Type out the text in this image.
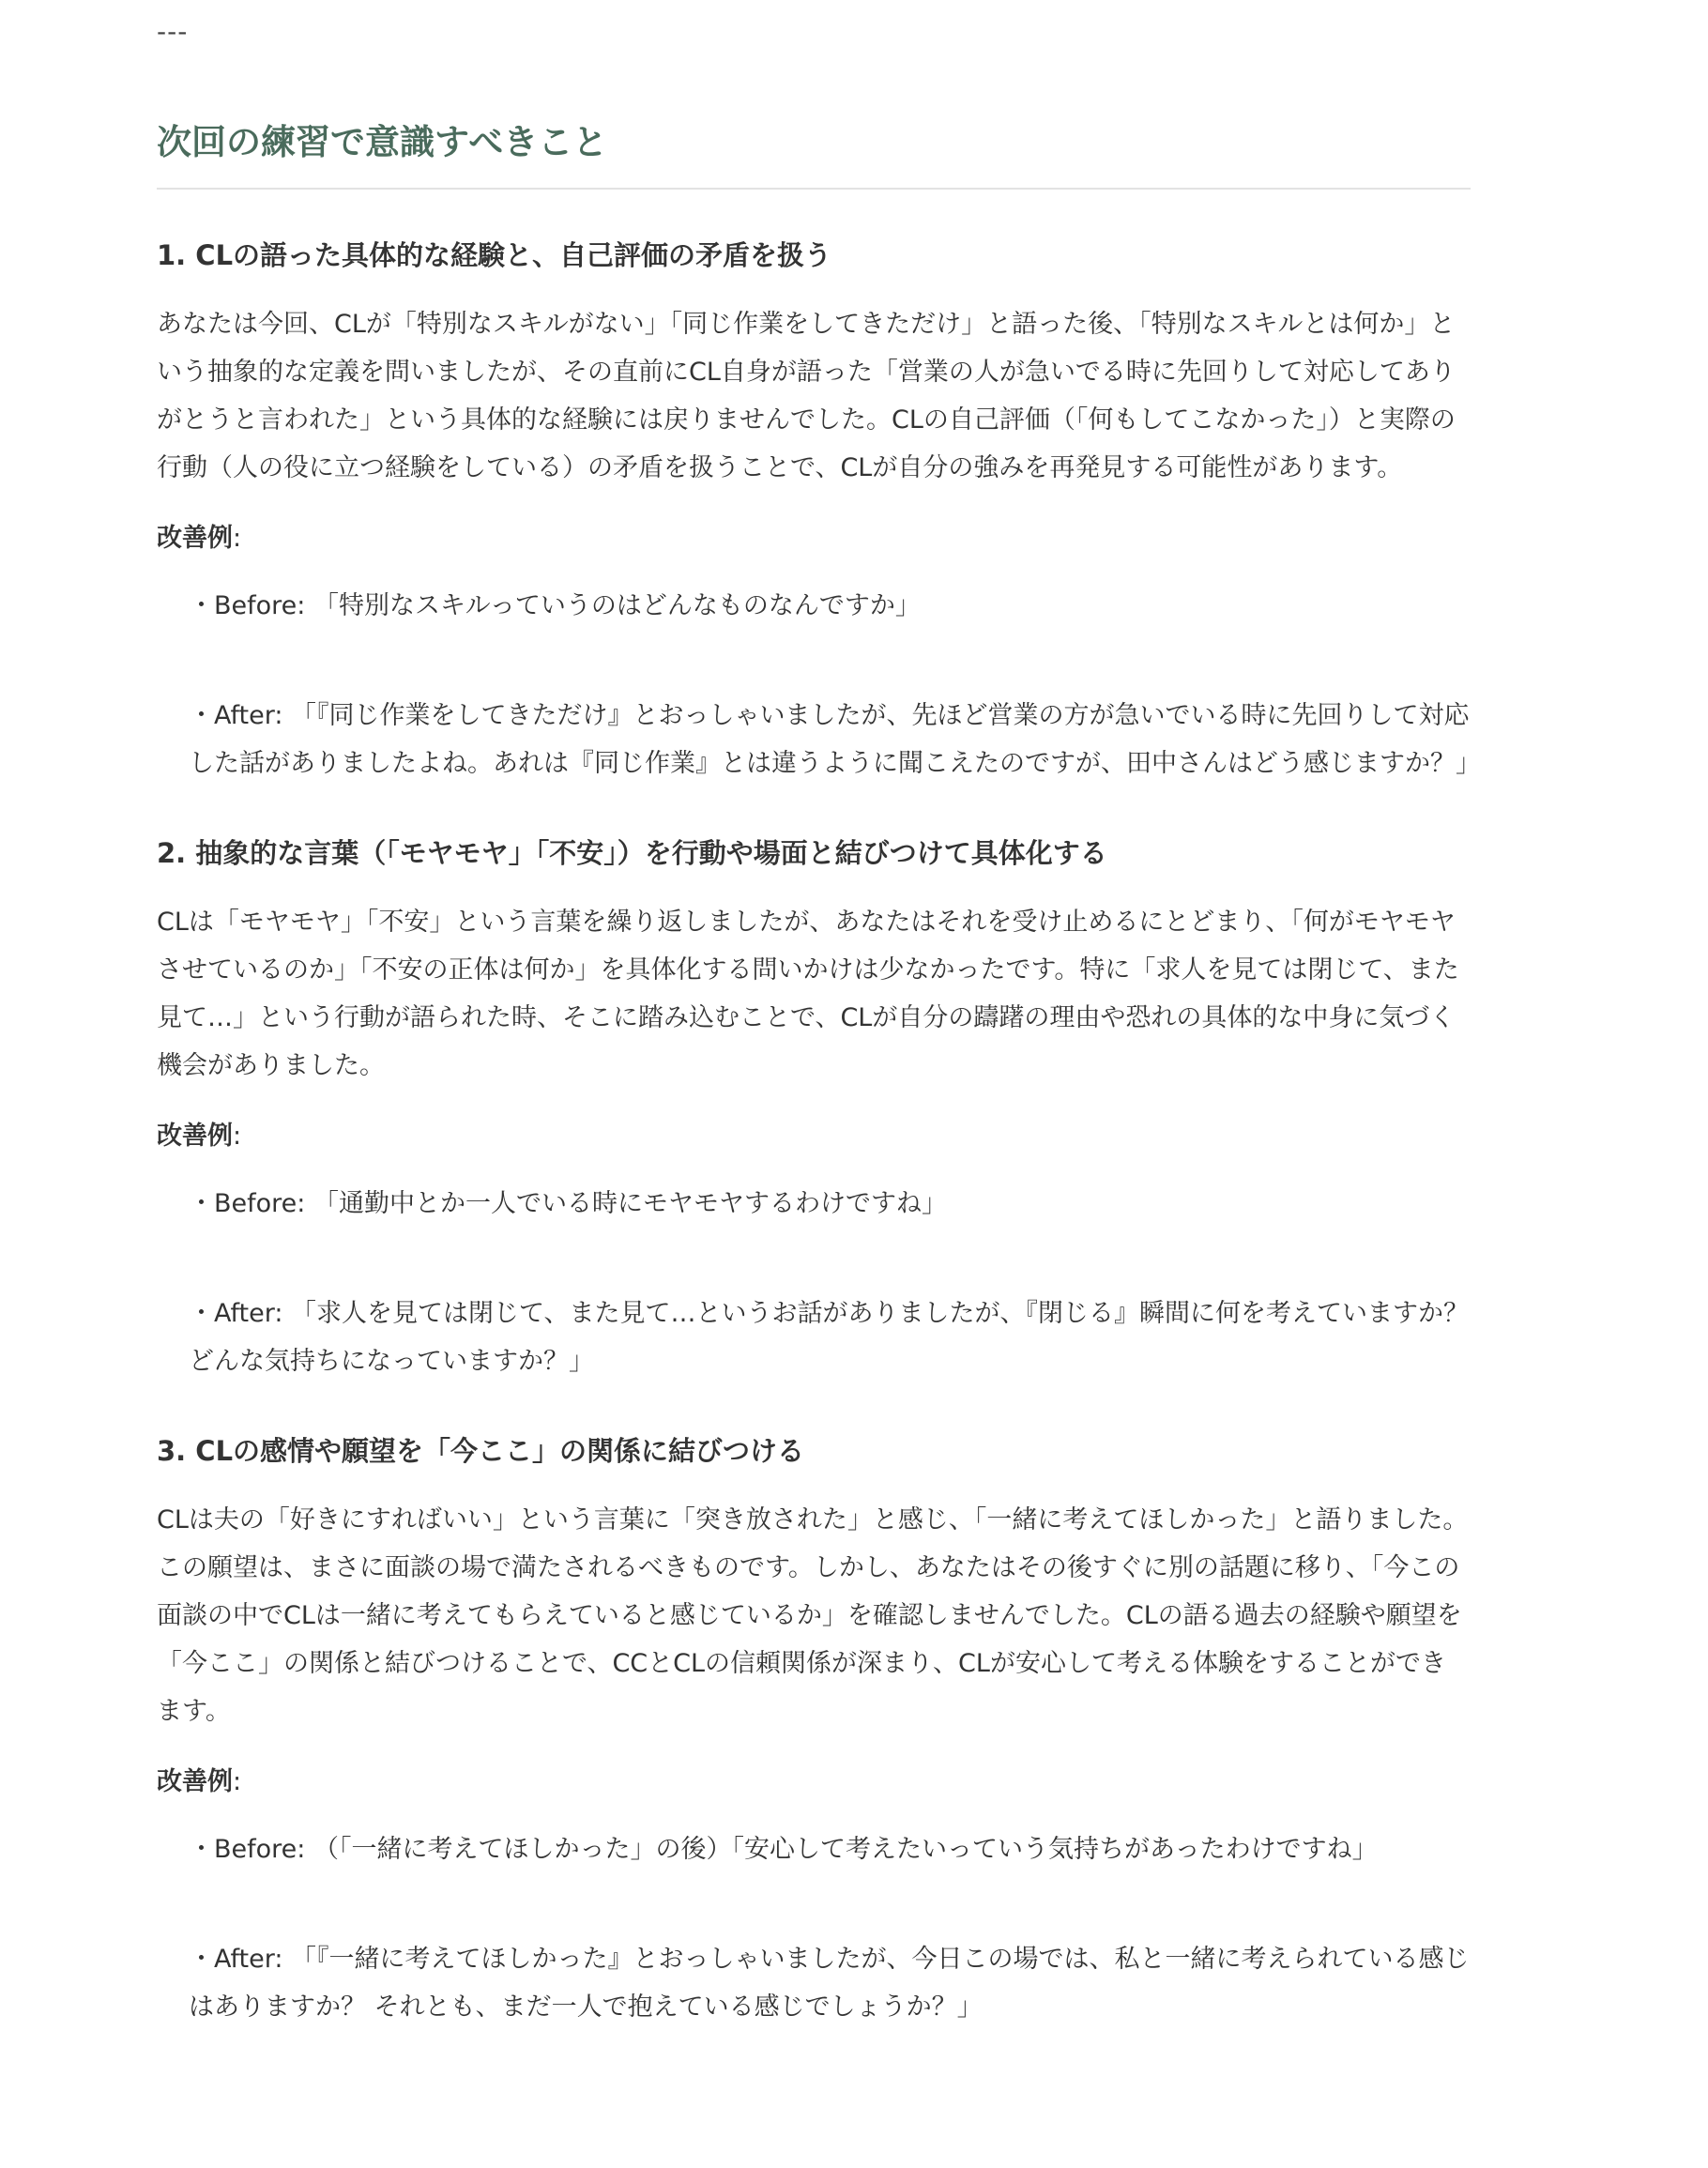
---
次回の練習で意識すべきこと
1. CLの語った具体的な経験と、自己評価の矛盾を扱う

あなたは今回、CLが「特別なスキルがない」「同じ作業をしてきただけ」と語った後、「特別なスキルとは何か」という抽象的な定義を問いましたが、その直前にCL自身が語った「営業の人が急いでる時に先回りして対応してありがとうと言われた」という具体的な経験には戻りませんでした。CLの自己評価（「何もしてこなかった」）と実際の行動（人の役に立つ経験をしている）の矛盾を扱うことで、CLが自分の強みを再発見する可能性があります。

改善例:
・Before: 「特別なスキルっていうのはどんなものなんですか」
・After: 「『同じ作業をしてきただけ』とおっしゃいましたが、先ほど営業の方が急いでいる時に先回りして対応した話がありましたよね。あれは『同じ作業』とは違うように聞こえたのですが、田中さんはどう感じますか？」
2. 抽象的な言葉（「モヤモヤ」「不安」）を行動や場面と結びつけて具体化する

CLは「モヤモヤ」「不安」という言葉を繰り返しましたが、あなたはそれを受け止めるにとどまり、「何がモヤモヤさせているのか」「不安の正体は何か」を具体化する問いかけは少なかったです。特に「求人を見ては閉じて、また見て…」という行動が語られた時、そこに踏み込むことで、CLが自分の躊躇の理由や恐れの具体的な中身に気づく機会がありました。

改善例:
・Before: 「通勤中とか一人でいる時にモヤモヤするわけですね」
・After: 「求人を見ては閉じて、また見て…というお話がありましたが、『閉じる』瞬間に何を考えていますか？ どんな気持ちになっていますか？」
3. CLの感情や願望を「今ここ」の関係に結びつける

CLは夫の「好きにすればいい」という言葉に「突き放された」と感じ、「一緒に考えてほしかった」と語りました。この願望は、まさに面談の場で満たされるべきものです。しかし、あなたはその後すぐに別の話題に移り、「今この面談の中でCLは一緒に考えてもらえていると感じているか」を確認しませんでした。CLの語る過去の経験や願望を「今ここ」の関係と結びつけることで、CCとCLの信頼関係が深まり、CLが安心して考える体験をすることができます。

改善例:
・Before: （「一緒に考えてほしかった」の後）「安心して考えたいっていう気持ちがあったわけですね」
・After: 「『一緒に考えてほしかった』とおっしゃいましたが、今日この場では、私と一緒に考えられている感じはありますか？ それとも、まだ一人で抱えている感じでしょうか？」
